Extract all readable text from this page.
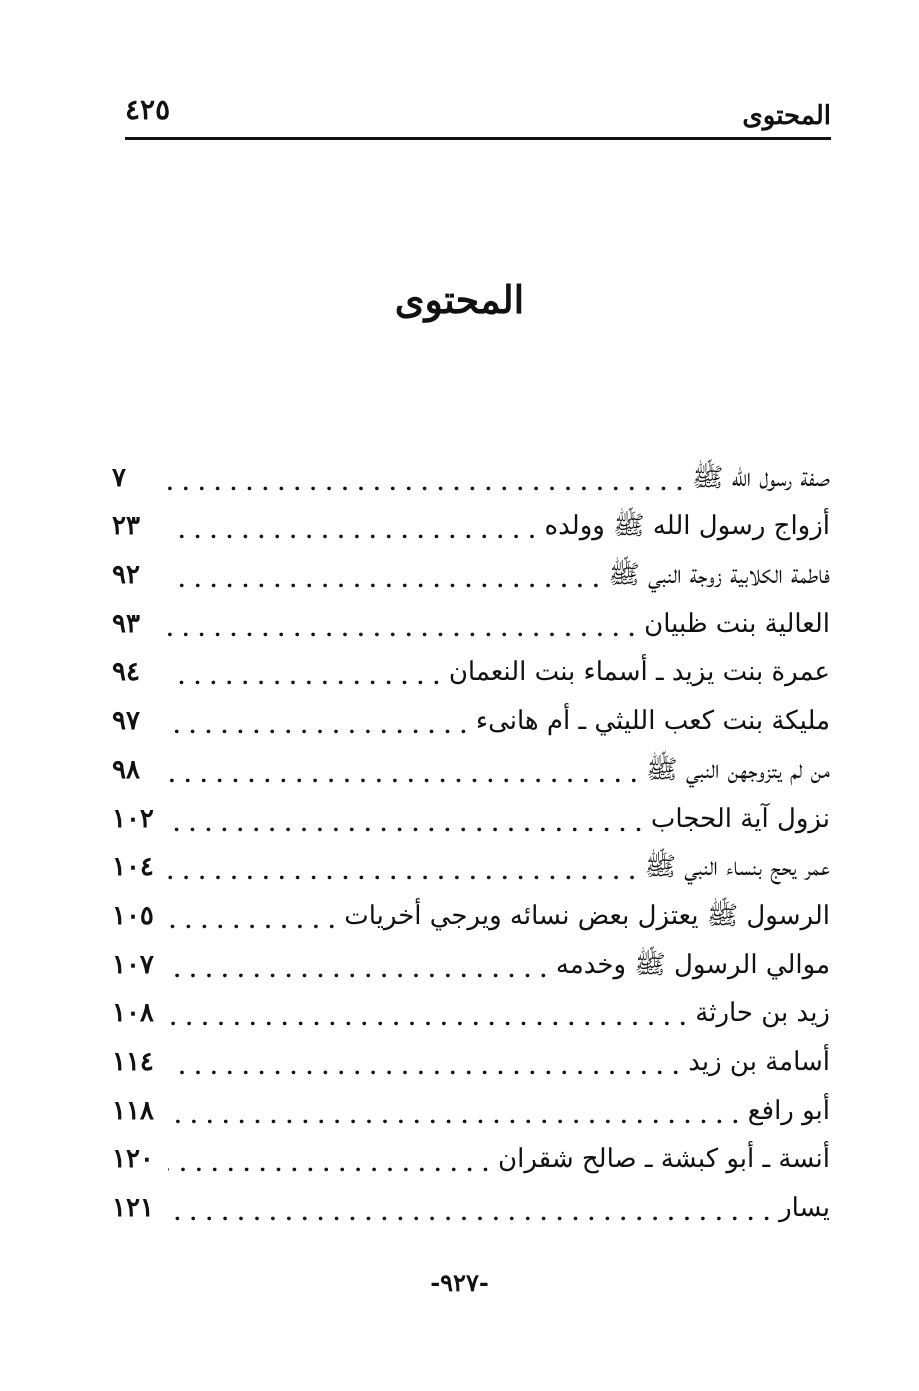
المحتوى
٤٢٥
المحتوى
صفة رسول الله ﷺ
. . .
٧
أزواج رسول الله ﷺ وولده
. . .
٢٣
فاطمة الكلابية زوجة النبي ﷺ
. . .
٩٢
العالية بنت ظبيان
. . .
٩٣
عمرة بنت يزيد ـ أسماء بنت النعمان
. . .
٩٤
مليكة بنت كعب الليثي ـ أم هانىء
. . .
٩٧
من لم يتزوجهن النبي ﷺ
. . .
٩٨
نزول آية الحجاب
. . .
١٠٢
عمر يحج بنساء النبي ﷺ
. . .
١٠٤
الرسول ﷺ يعتزل بعض نسائه ويرجي أخريات
. . .
١٠٥
موالي الرسول ﷺ وخدمه
. . .
١٠٧
زيد بن حارثة
. . .
١٠٨
أسامة بن زيد
. . .
١١٤
أبو رافع
. . .
١١٨
أنسة ـ أبو كبشة ـ صالح شقران
. . .
١٢٠
يسار
. . .
١٢١
-٩٢٧-
